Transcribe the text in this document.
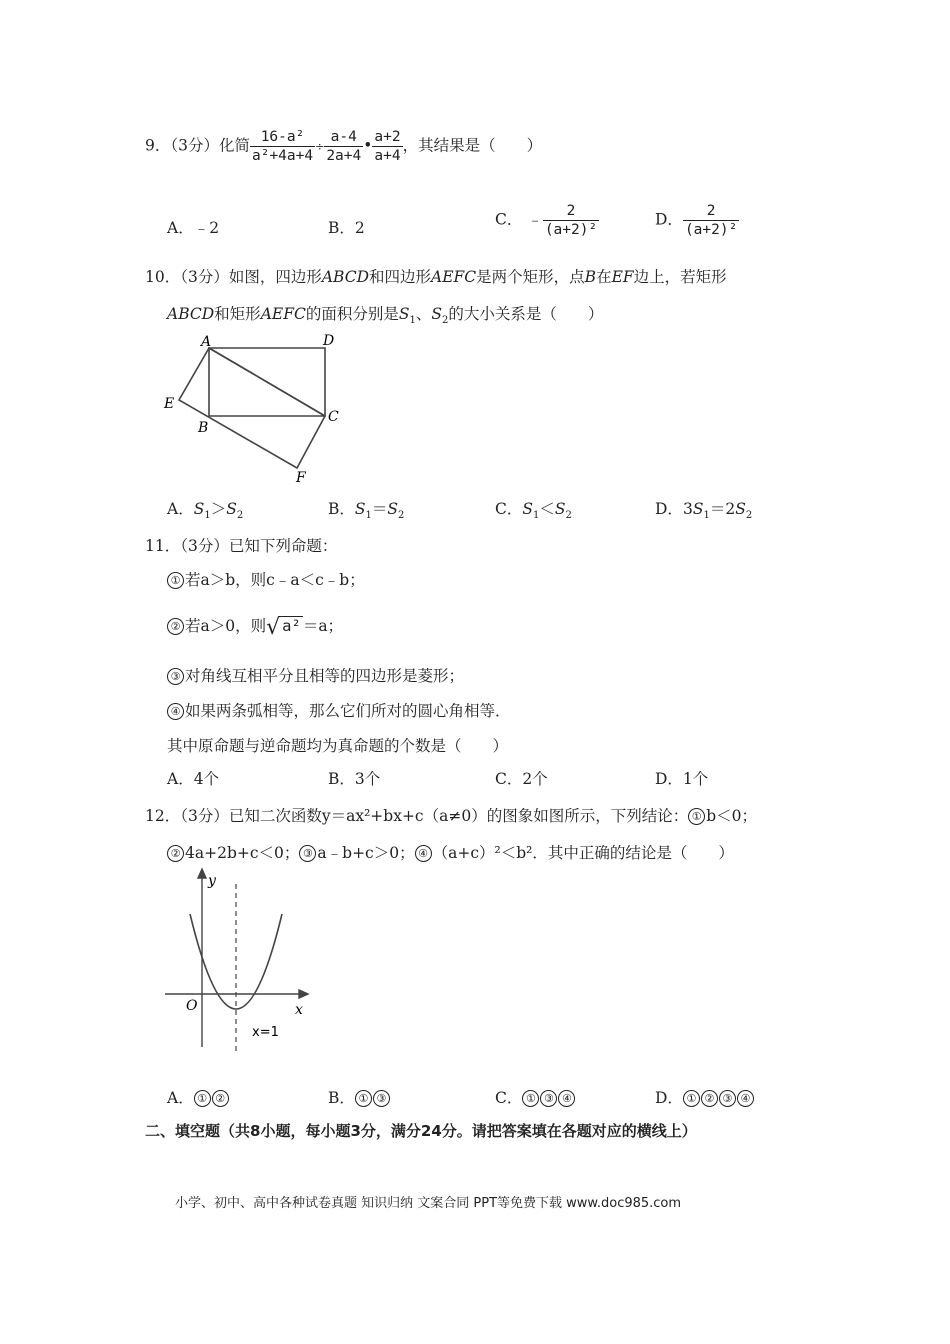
9．（3分）化简 $\frac{\text{16-a²}}{\text{a²+4a+4}} \div \frac{a-4}{2a+4}$ • $\frac{a+2}{a+4}$ ，其结果是（　　）
A．﹣2	B．2	C． ﹣ $\frac{2}{\text{(a+2)²}}$	D． $\frac{2}{\text{(a+2)²}}$
10．（3分）如图，四边形ABCD和四边形AEFC是两个矩形，点B在EF边上，若矩形
ABCD和矩形AEFC的面积分别是$S_1$、$S_2$的大小关系是（　　）
A	D
E
B
C
F
A．$S_1>S_2$	B．$S_1=S_2$	C．$S_1<S_2$	D．$3S_1=2S_2$
11．（3分）已知下列命题：
① 若a＞b，则c﹣a＜c﹣b；
② 若a＞0，则√ a² ＝a；
③ 对角线互相平分且相等的四边形是菱形；
④ 如果两条弧相等，那么它们所对的圆心角相等．
其中原命题与逆命题均为真命题的个数是（　　）
A．4个	B．3个	C．2个	D．1个
12．（3分）已知二次函数y＝ax²+bx+c（a≠0）的图象如图所示，下列结论： ① b＜0；
② 4a+2b+c＜0； ③ a﹣b+c＞0； ④ （a+c）²＜b²．其中正确的结论是（　　）
y
x
O
x=1
A． ① ②	B． ① ③	C． ① ③ ④	D． ① ② ③ ④
二、填空题（共8小题，每小题3分，满分24分。请把答案填在各题对应的横线上）
小学、初中、高中各种试卷真题 知识归纳 文案合同 PPT等免费下载 www.doc985.com
